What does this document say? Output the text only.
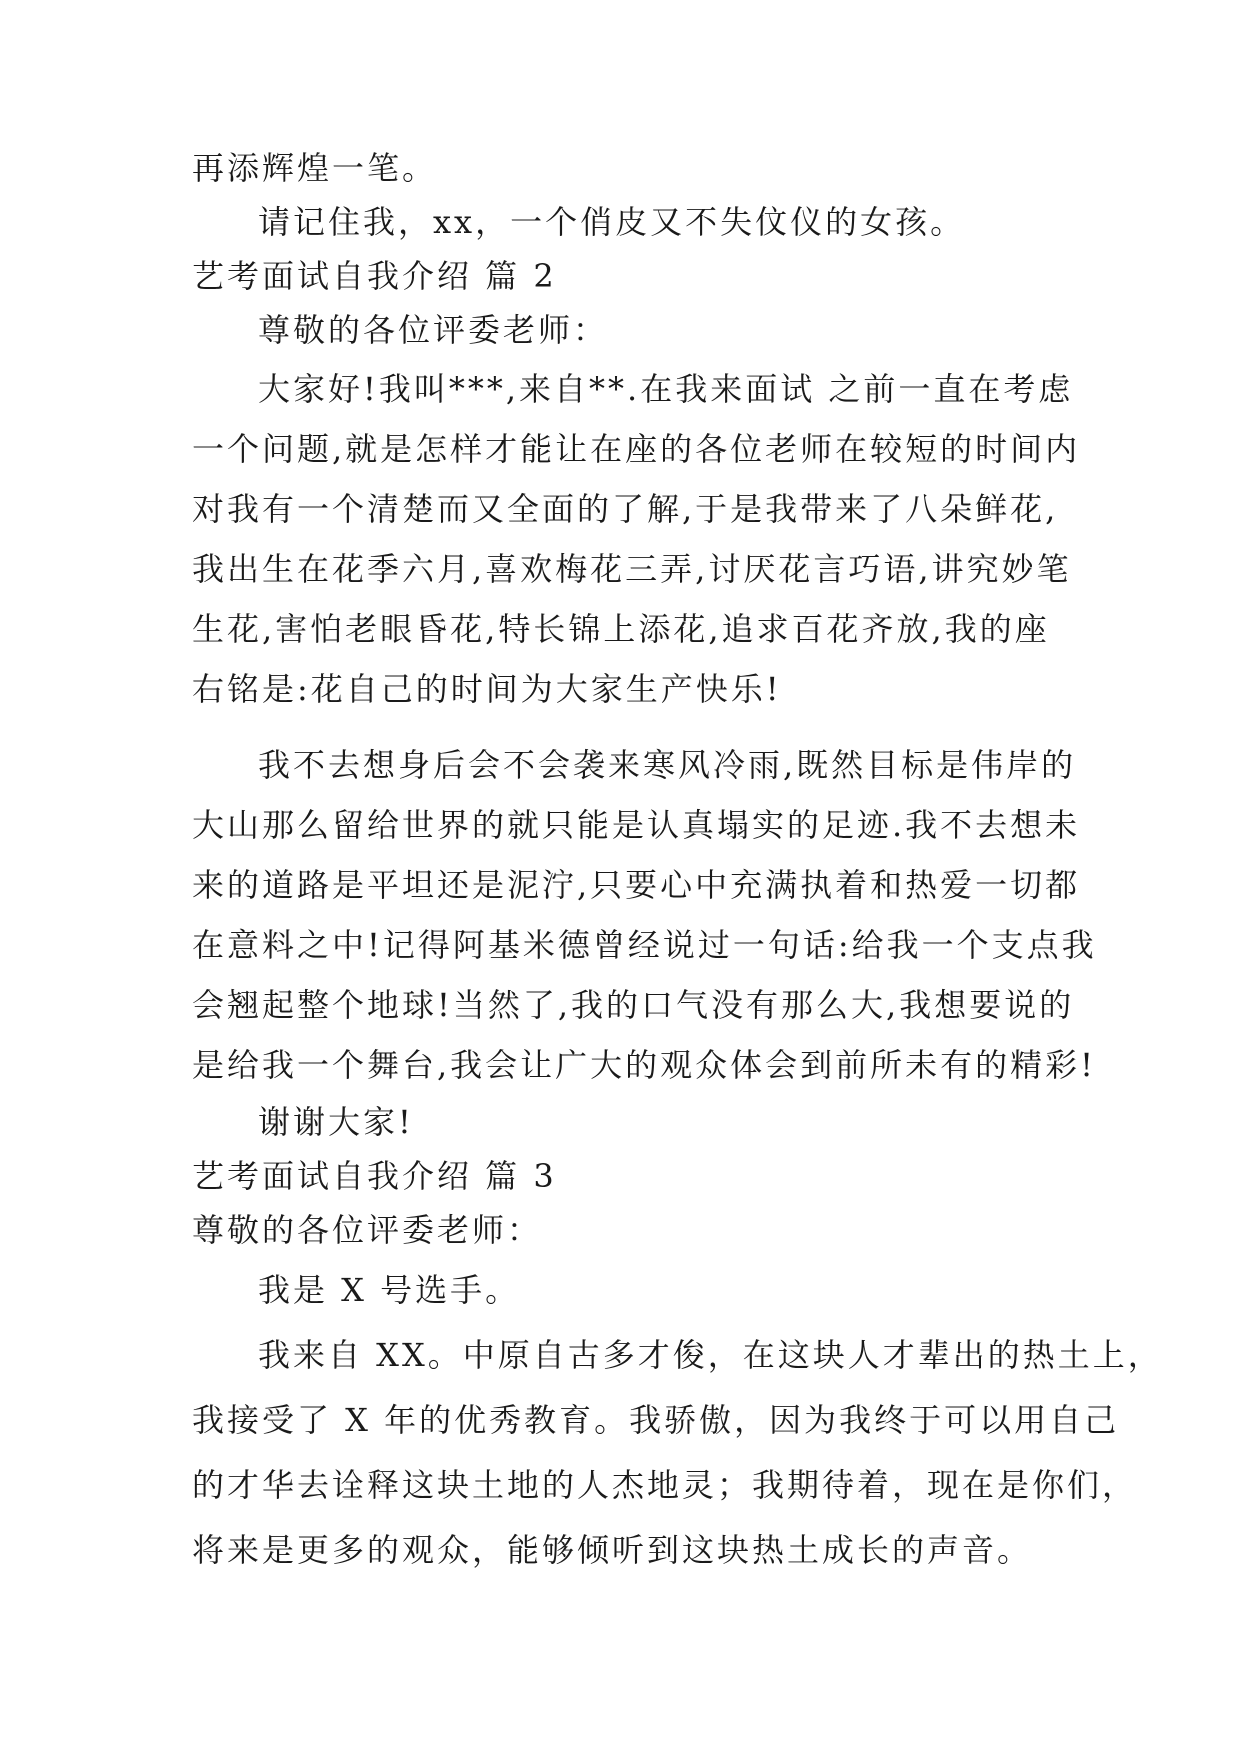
再添辉煌一笔。
请记住我，xx，一个俏皮又不失伩仪的女孩。
艺考面试自我介绍 篇 2
尊敬的各位评委老师：
大家好!我叫***,来自**.在我来面试 之前一直在考虑
一个问题,就是怎样才能让在座的各位老师在较短的时间内
对我有一个清楚而又全面的了解,于是我带来了八朵鲜花,
我出生在花季六月,喜欢梅花三弄,讨厌花言巧语,讲究妙笔
生花,害怕老眼昏花,特长锦上添花,追求百花齐放,我的座
右铭是:花自己的时间为大家生产快乐!
我不去想身后会不会袭来寒风冷雨,既然目标是伟岸的
大山那么留给世界的就只能是认真塌实的足迹.我不去想未
来的道路是平坦还是泥泞,只要心中充满执着和热爱一切都
在意料之中!记得阿基米德曾经说过一句话:给我一个支点我
会翘起整个地球!当然了,我的口气没有那么大,我想要说的
是给我一个舞台,我会让广大的观众体会到前所未有的精彩!
谢谢大家!
艺考面试自我介绍 篇 3
尊敬的各位评委老师：
我是 X 号选手。
我来自 XX。中原自古多才俊，在这块人才辈出的热土上，
我接受了 X 年的优秀教育。我骄傲，因为我终于可以用自己
的才华去诠释这块土地的人杰地灵；我期待着，现在是你们，
将来是更多的观众，能够倾听到这块热土成长的声音。
